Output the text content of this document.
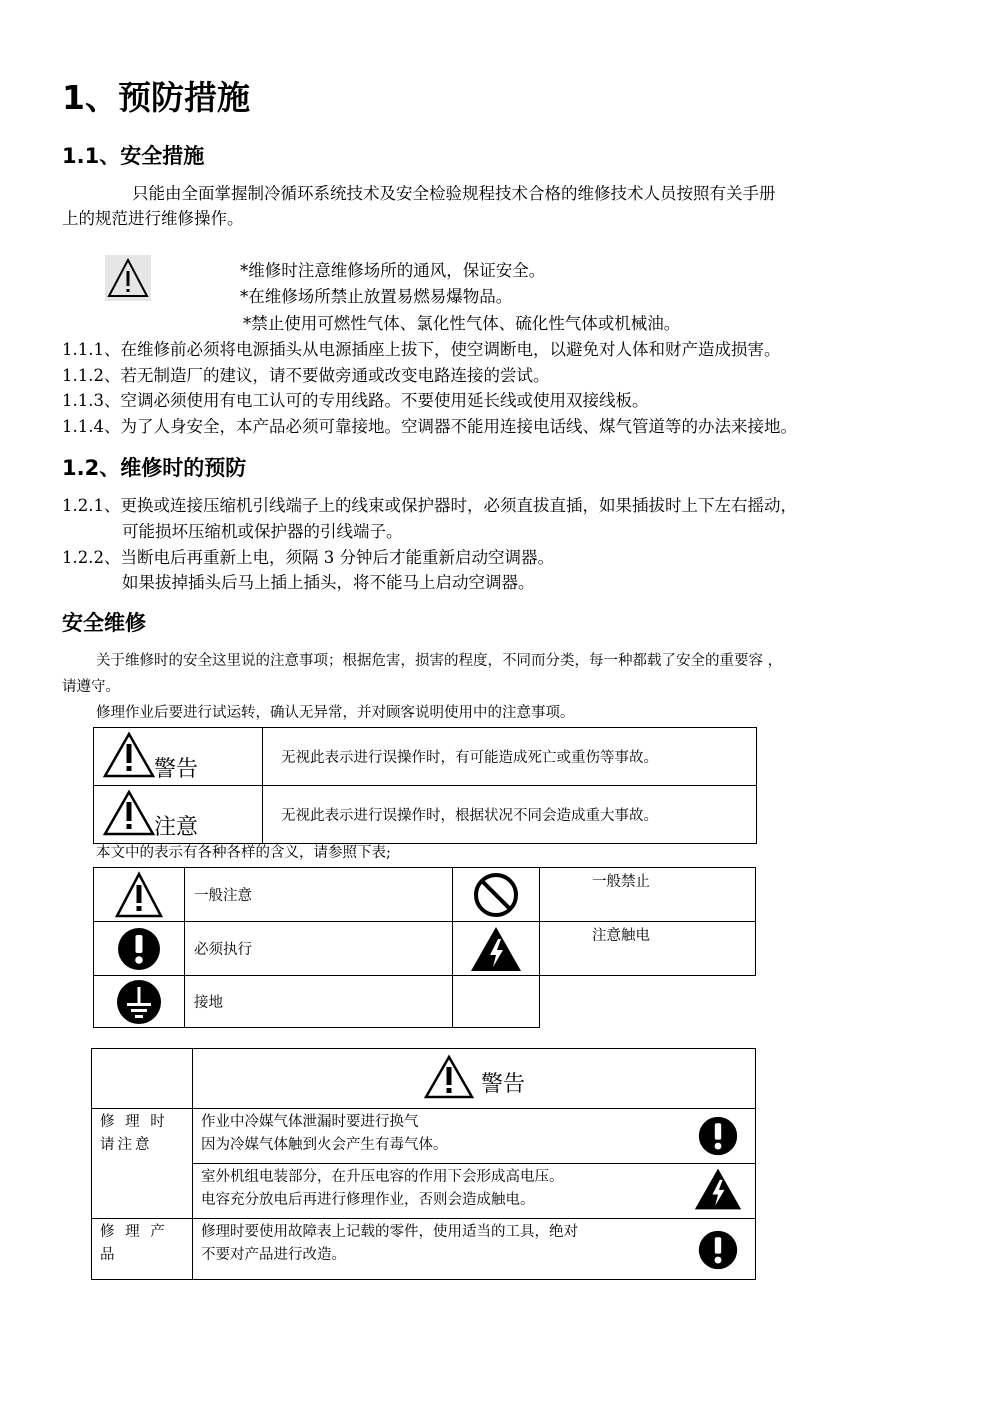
1、预防措施
1.1、安全措施
只能由全面掌握制冷循环系统技术及安全检验规程技术合格的维修技术人员按照有关手册
上的规范进行维修操作。
*维修时注意维修场所的通风，保证安全。
*在维修场所禁止放置易燃易爆物品。
*禁止使用可燃性气体、氯化性气体、硫化性气体或机械油。
1.1.1、在维修前必须将电源插头从电源插座上拔下，使空调断电，以避免对人体和财产造成损害。
1.1.2、若无制造厂的建议，请不要做旁通或改变电路连接的尝试。
1.1.3、空调必须使用有电工认可的专用线路。不要使用延长线或使用双接线板。
1.1.4、为了人身安全，本产品必须可靠接地。空调器不能用连接电话线、煤气管道等的办法来接地。
1.2、维修时的预防
1.2.1、更换或连接压缩机引线端子上的线束或保护器时，必须直拔直插，如果插拔时上下左右摇动，
可能损坏压缩机或保护器的引线端子。
1.2.2、当断电后再重新上电，须隔 3 分钟后才能重新启动空调器。
如果拔掉插头后马上插上插头，将不能马上启动空调器。
安全维修
关于维修时的安全这里说的注意事项；根据危害，损害的程度，不同而分类，每一种都载了安全的重要容 ，
请遵守。
修理作业后要进行试运转，确认无异常，并对顾客说明使用中的注意事项。
警告	无视此表示进行误操作时，有可能造成死亡或重伤等事故。

注意	无视此表示进行误操作时，根据状况不同会造成重大事故。
本文中的表示有各种各样的含义，请参照下表;
	一般注意		一般禁止

	必须执行		注意触电

	接地		

	警告

修 理 时 请注意	作业中冷媒气体泄漏时要进行换气
因为冷媒气体触到火会产生有毒气体。

	室外机组电装部分，在升压电容的作用下会形成高电压。
电容充分放电后再进行修理作业，否则会造成触电。

修 理 产 品	修理时要使用故障表上记载的零件，使用适当的工具，绝对
不要对产品进行改造。
